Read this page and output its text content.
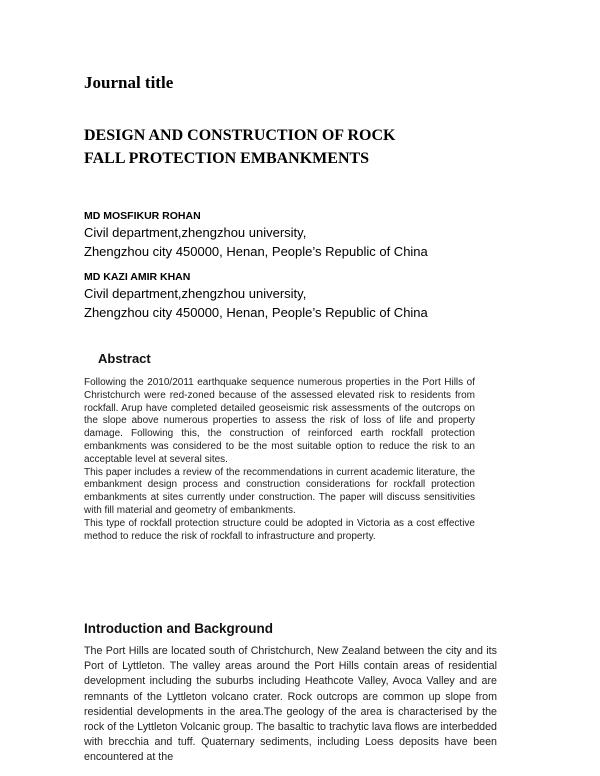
Journal title
DESIGN AND CONSTRUCTION OF ROCK
FALL PROTECTION EMBANKMENTS
MD MOSFIKUR ROHAN
Civil department,zhengzhou university,
Zhengzhou city 450000, Henan, People’s Republic of China
MD KAZI AMIR KHAN
Civil department,zhengzhou university,
Zhengzhou city 450000, Henan, People’s Republic of China
Abstract

Following the 2010/2011 earthquake sequence numerous properties in the Port Hills of Christchurch were red-zoned because of the assessed elevated risk to residents from rockfall. Arup have completed detailed geoseismic risk assessments of the outcrops on the slope above numerous properties to assess the risk of loss of life and property damage. Following this, the construction of reinforced earth rockfall protection embankments was considered to be the most suitable option to reduce the risk to an acceptable level at several sites.

This paper includes a review of the recommendations in current academic literature, the embankment design process and construction considerations for rockfall protection embankments at sites currently under construction. The paper will discuss sensitivities with fill material and geometry of embankments.

This type of rockfall protection structure could be adopted in Victoria as a cost effective method to reduce the risk of rockfall to infrastructure and property.

Introduction and Background

The Port Hills are located south of Christchurch, New Zealand between the city and its Port of Lyttleton. The valley areas around the Port Hills contain areas of residential development including the suburbs including Heathcote Valley, Avoca Valley and are remnants of the Lyttleton volcano crater. Rock outcrops are common up slope from residential developments in the area.The geology of the area is characterised by the rock of the Lyttleton Volcanic group. The basaltic to trachytic lava flows are interbedded with brecchia and tuff. Quaternary sediments, including Loess deposits have been encountered at the
